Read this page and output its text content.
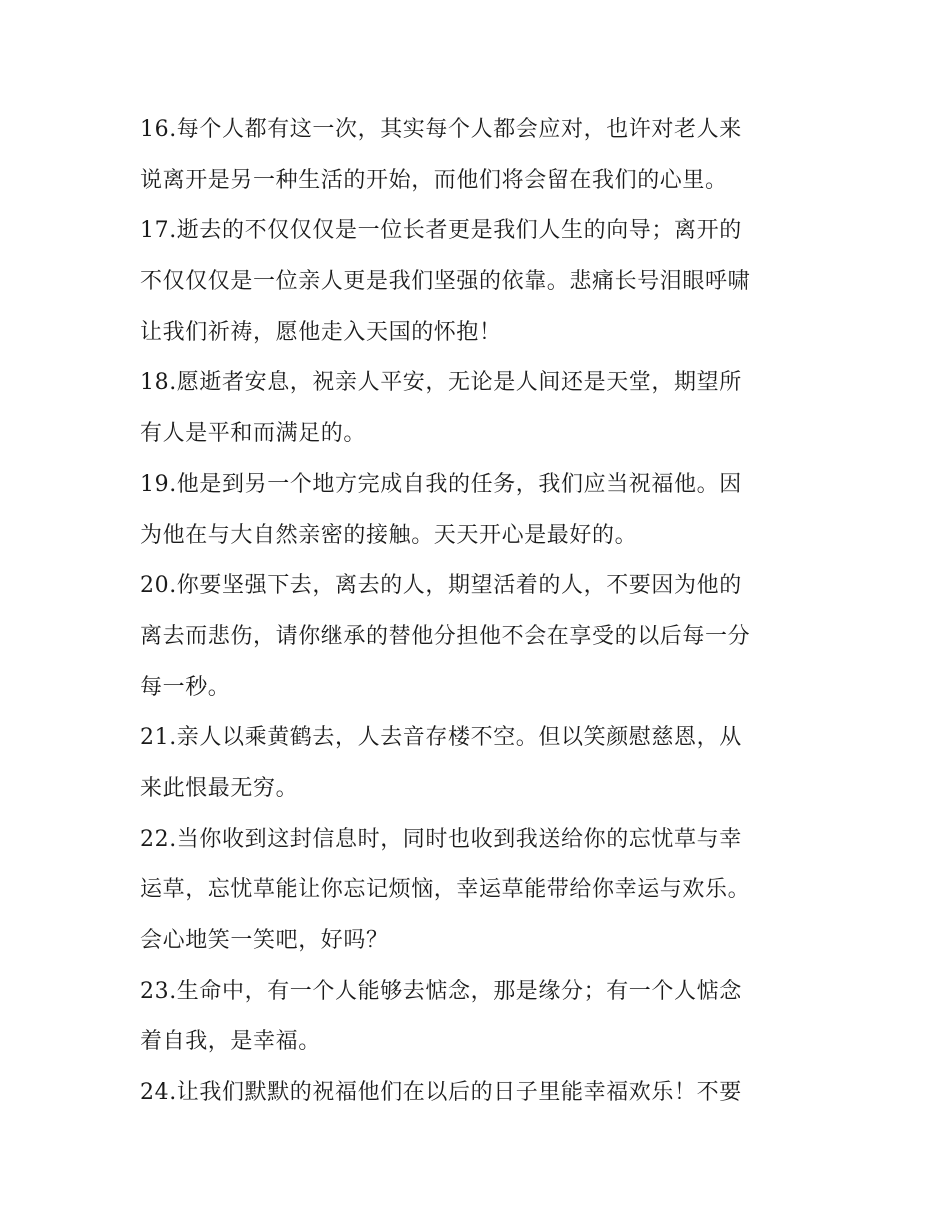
16.每个人都有这一次，其实每个人都会应对，也许对老人来
说离开是另一种生活的开始，而他们将会留在我们的心里。
17.逝去的不仅仅仅是一位长者更是我们人生的向导；离开的
不仅仅仅是一位亲人更是我们坚强的依靠。悲痛长号泪眼呼啸
让我们祈祷，愿他走入天国的怀抱！
18.愿逝者安息，祝亲人平安，无论是人间还是天堂，期望所
有人是平和而满足的。
19.他是到另一个地方完成自我的任务，我们应当祝福他。因
为他在与大自然亲密的接触。天天开心是最好的。
20.你要坚强下去，离去的人，期望活着的人，不要因为他的
离去而悲伤，请你继承的替他分担他不会在享受的以后每一分
每一秒。
21.亲人以乘黄鹤去，人去音存楼不空。但以笑颜慰慈恩，从
来此恨最无穷。
22.当你收到这封信息时，同时也收到我送给你的忘忧草与幸
运草，忘忧草能让你忘记烦恼，幸运草能带给你幸运与欢乐。
会心地笑一笑吧，好吗？
23.生命中，有一个人能够去惦念，那是缘分；有一个人惦念
着自我，是幸福。
24.让我们默默的祝福他们在以后的日子里能幸福欢乐！不要
